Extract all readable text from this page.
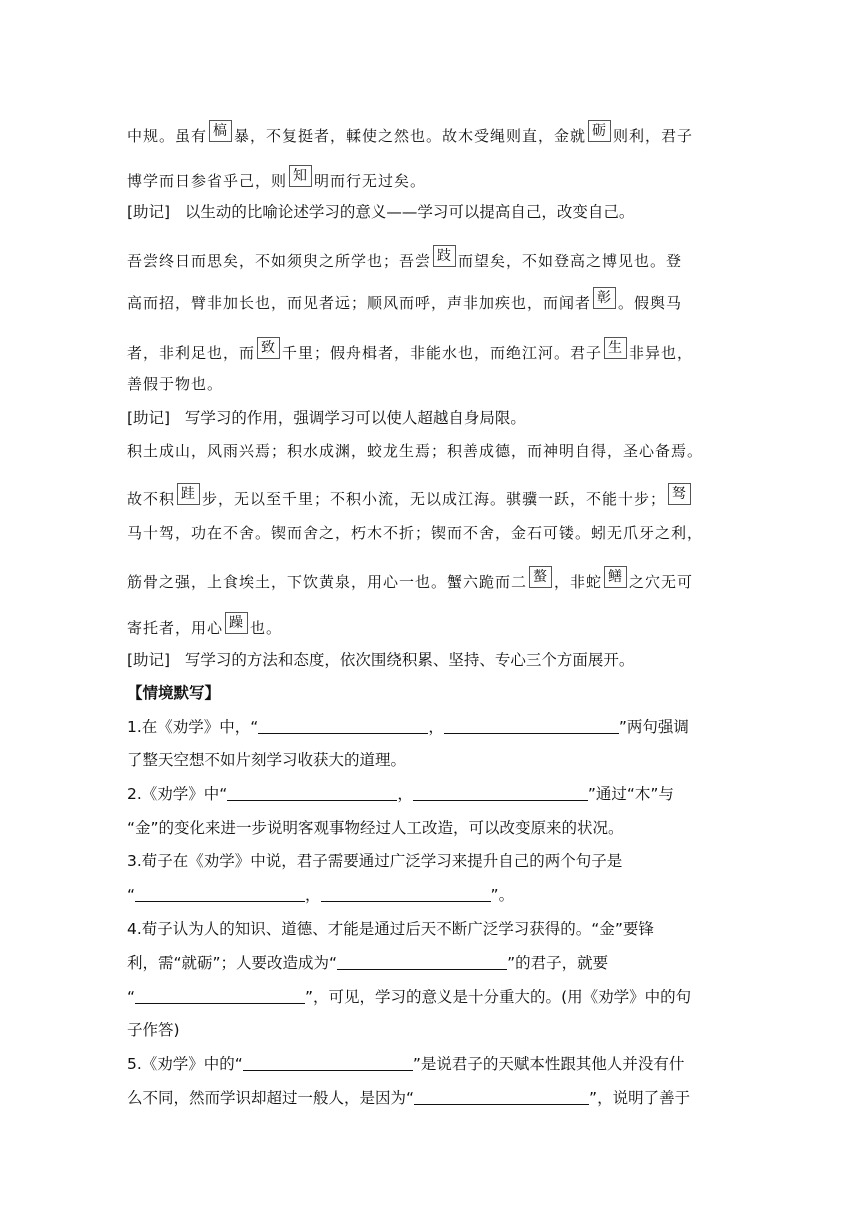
中规。虽有 槁 暴，不复挺者，輮使之然也。故木受绳则直，金就 砺 则利，君子
博学而日参省乎己，则 知 明而行无过矣。
[助记] 以生动的比喻论述学习的意义——学习可以提高自己，改变自己。
吾尝终日而思矣，不如须臾之所学也；吾尝 跂 而望矣，不如登高之博见也。登
高而招，臂非加长也，而见者远；顺风而呼，声非加疾也，而闻者 彰 。假舆马
者，非利足也，而 致 千里；假舟楫者，非能水也，而绝江河。君子 生 非异也，
善假于物也。
[助记] 写学习的作用，强调学习可以使人超越自身局限。
积土成山，风雨兴焉；积水成渊，蛟龙生焉；积善成德，而神明自得，圣心备焉。
故不积 跬 步，无以至千里；不积小流，无以成江海。骐骥一跃，不能十步； 驽
马十驾，功在不舍。锲而舍之，朽木不折；锲而不舍，金石可镂。蚓无爪牙之利，
筋骨之强，上食埃土，下饮黄泉，用心一也。蟹六跪而二 螯 ，非蛇 鳝 之穴无可
寄托者，用心 躁 也。
[助记] 写学习的方法和态度，依次围绕积累、坚持、专心三个方面展开。
【情境默写】
1.在《劝学》中，“	，	”两句强调
了整天空想不如片刻学习收获大的道理。
2.《劝学》中“	，	”通过“木”与
“金”的变化来进一步说明客观事物经过人工改造，可以改变原来的状况。
3.荀子在《劝学》中说，君子需要通过广泛学习来提升自己的两个句子是
“	，	”。
4.荀子认为人的知识、道德、才能是通过后天不断广泛学习获得的。“金”要锋
利，需“就砺”；人要改造成为“	”的君子，就要
“	”，可见，学习的意义是十分重大的。(用《劝学》中的句
子作答)
5.《劝学》中的“	”是说君子的天赋本性跟其他人并没有什
么不同，然而学识却超过一般人，是因为“	”，说明了善于
